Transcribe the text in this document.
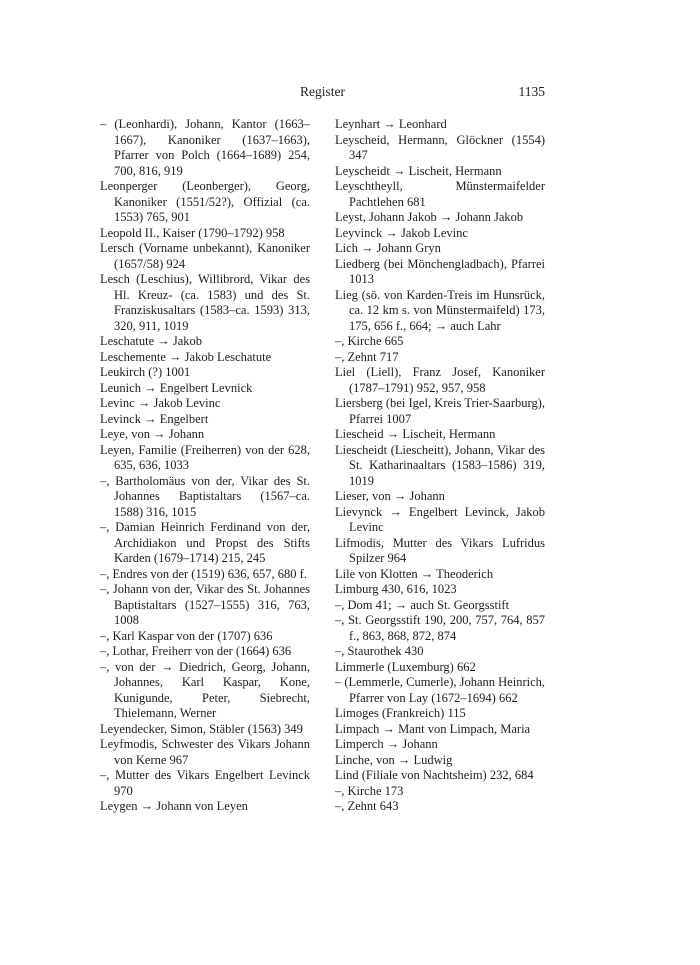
Register	1135
– (Leonhardi), Johann, Kantor (1663–1667), Kanoniker (1637–1663), Pfarrer von Polch (1664–1689) 254, 700, 816, 919
Leonperger (Leonberger), Georg, Kanoniker (1551/52?), Offizial (ca. 1553) 765, 901
Leopold II., Kaiser (1790–1792) 958
Lersch (Vorname unbekannt), Kanoniker (1657/58) 924
Lesch (Leschius), Willibrord, Vikar des Hl. Kreuz- (ca. 1583) und des St. Franziskusaltars (1583–ca. 1593) 313, 320, 911, 1019
Leschatute → Jakob
Leschemente → Jakob Leschatute
Leukirch (?) 1001
Leunich → Engelbert Levnick
Levinc → Jakob Levinc
Levinck → Engelbert
Leye, von → Johann
Leyen, Familie (Freiherren) von der 628, 635, 636, 1033
–, Bartholomäus von der, Vikar des St. Johannes Baptistaltars (1567–ca. 1588) 316, 1015
–, Damian Heinrich Ferdinand von der, Archidiakon und Propst des Stifts Karden (1679–1714) 215, 245
–, Endres von der (1519) 636, 657, 680 f.
–, Johann von der, Vikar des St. Johannes Baptistaltars (1527–1555) 316, 763, 1008
–, Karl Kaspar von der (1707) 636
–, Lothar, Freiherr von der (1664) 636
–, von der → Diedrich, Georg, Johann, Johannes, Karl Kaspar, Kone, Kunigunde, Peter, Siebrecht, Thielemann, Werner
Leyendecker, Simon, Stäbler (1563) 349
Leyfmodis, Schwester des Vikars Johann von Kerne 967
–, Mutter des Vikars Engelbert Levinck 970
Leygen → Johann von Leyen
Leynhart → Leonhard
Leyscheid, Hermann, Glöckner (1554) 347
Leyscheidt → Lischeit, Hermann
Leyschtheyll, Münstermaifelder Pachtlehen 681
Leyst, Johann Jakob → Johann Jakob
Leyvinck → Jakob Levinc
Lich → Johann Gryn
Liedberg (bei Mönchengladbach), Pfarrei 1013
Lieg (sö. von Karden-Treis im Hunsrück, ca. 12 km s. von Münstermaifeld) 173, 175, 656 f., 664; → auch Lahr
–, Kirche 665
–, Zehnt 717
Liel (Liell), Franz Josef, Kanoniker (1787–1791) 952, 957, 958
Liersberg (bei Igel, Kreis Trier-Saarburg), Pfarrei 1007
Liescheid → Lischeit, Hermann
Liescheidt (Liescheitt), Johann, Vikar des St. Katharinaaltars (1583–1586) 319, 1019
Lieser, von → Johann
Lievynck → Engelbert Levinck, Jakob Levinc
Lifmodis, Mutter des Vikars Lufridus Spilzer 964
Lile von Klotten → Theoderich
Limburg 430, 616, 1023
–, Dom 41; → auch St. Georgsstift
–, St. Georgsstift 190, 200, 757, 764, 857 f., 863, 868, 872, 874
–, Staurothek 430
Limmerle (Luxemburg) 662
– (Lemmerle, Cumerle), Johann Heinrich, Pfarrer von Lay (1672–1694) 662
Limoges (Frankreich) 115
Limpach → Mant von Limpach, Maria
Limperch → Johann
Linche, von → Ludwig
Lind (Filiale von Nachtsheim) 232, 684
–, Kirche 173
–, Zehnt 643
